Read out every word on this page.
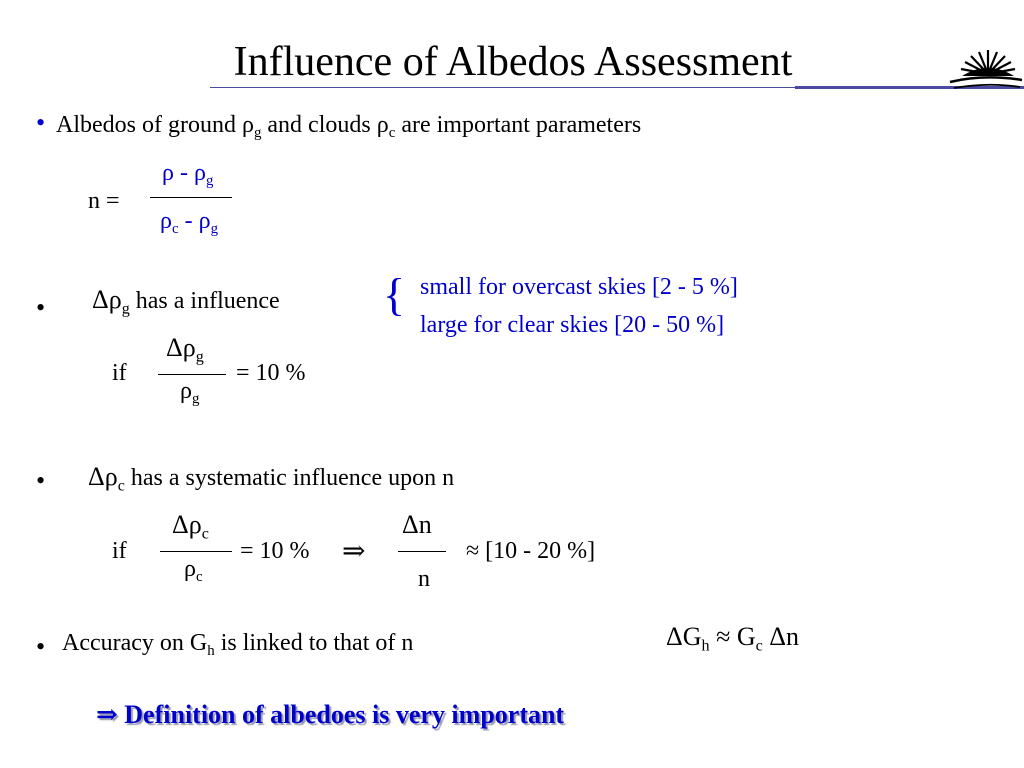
Influence of Albedos Assessment
• Albedos of ground $\rho_g$ and clouds $\rho_c$ are important parameters
n =
ρ - $\rho_g$
$\rho_c - \rho_g$
• $\Delta\rho_g$ has a influence { small for overcast skies [2 - 5 %]
large for clear skies [20 - 50 %]
if
$\Delta\rho_g$
$\rho_g$
= 10 %
• $\Delta\rho_c$ has a systematic influence upon n
if
$\Delta\rho_c$
$\rho_c$
= 10 % ⇒
Δn
n
≈ [10 - 20 %]
• Accuracy on $G_h$ is linked to that of n	$\Delta G_h \approx G_c$ Δn
⇒ Definition of albedoes is very important
